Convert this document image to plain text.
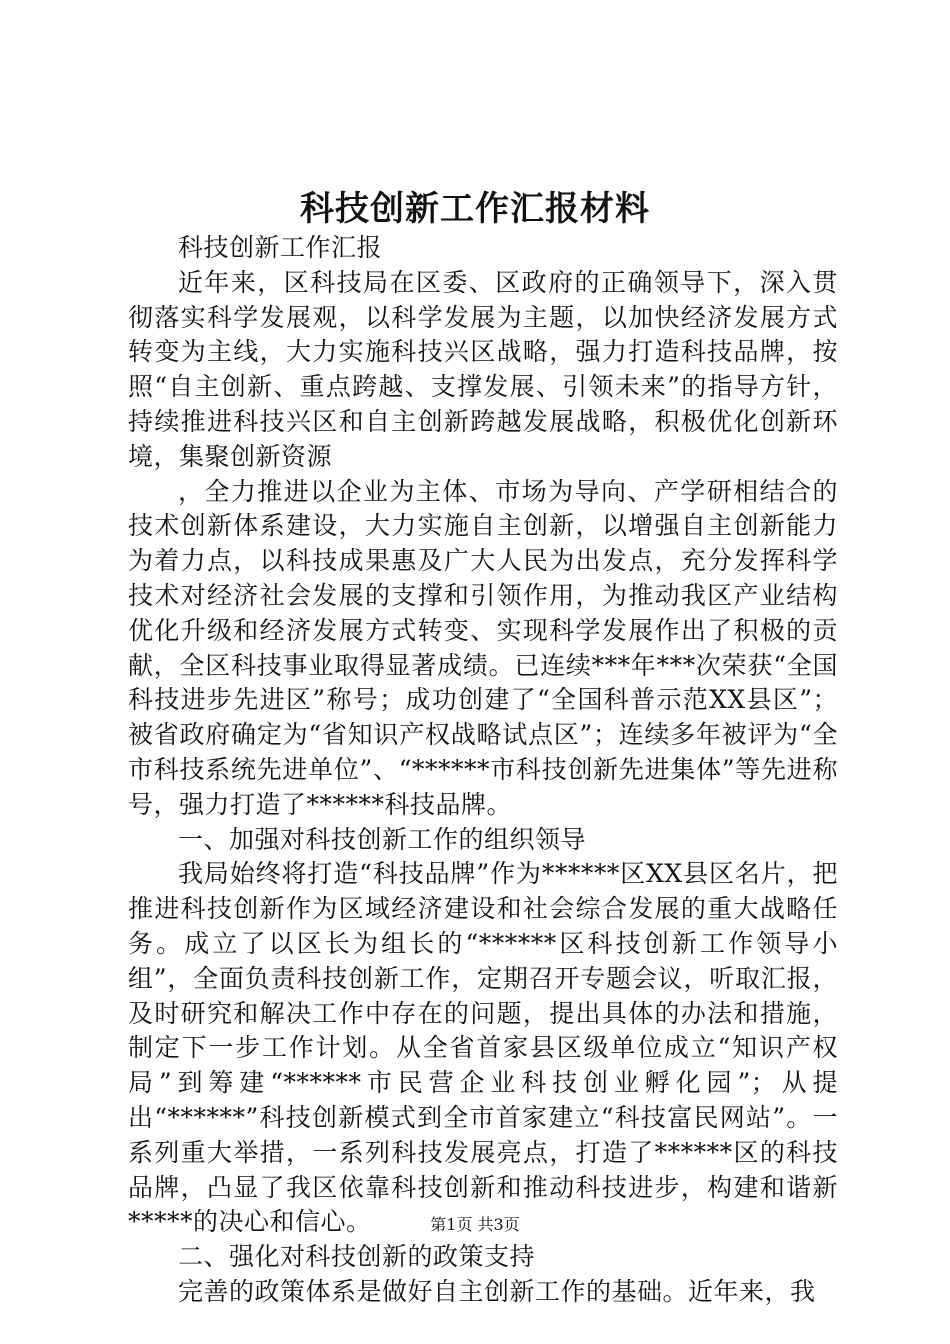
科技创新工作汇报材料

科技创新工作汇报

近年来，区科技局在区委、区政府的正确领导下，深入贯彻落实科学发展观，以科学发展为主题，以加快经济发展方式转变为主线，大力实施科技兴区战略，强力打造科技品牌，按照“自主创新、重点跨越、支撑发展、引领未来”的指导方针，持续推进科技兴区和自主创新跨越发展战略，积极优化创新环境，集聚创新资源

，全力推进以企业为主体、市场为导向、产学研相结合的技术创新体系建设，大力实施自主创新，以增强自主创新能力为着力点，以科技成果惠及广大人民为出发点，充分发挥科学技术对经济社会发展的支撑和引领作用，为推动我区产业结构优化升级和经济发展方式转变、实现科学发展作出了积极的贡献，全区科技事业取得显著成绩。已连续***年***次荣获“全国科技进步先进区”称号；成功创建了“全国科普示范XX县区”；被省政府确定为“省知识产权战略试点区”；连续多年被评为“全市科技系统先进单位”、“******市科技创新先进集体”等先进称号，强力打造了******科技品牌。

一、加强对科技创新工作的组织领导

我局始终将打造“科技品牌”作为******区XX县区名片，把推进科技创新作为区域经济建设和社会综合发展的重大战略任务。成立了以区长为组长的“******区科技创新工作领导小组”，全面负责科技创新工作，定期召开专题会议，听取汇报，及时研究和解决工作中存在的问题，提出具体的办法和措施，制定下一步工作计划。从全省首家县区级单位成立“知识产权局”到筹建“******市民营企业科技创业孵化园”；从提出“******”科技创新模式到全市首家建立“科技富民网站”。一系列重大举措，一系列科技发展亮点，打造了******区的科技品牌，凸显了我区依靠科技创新和推动科技进步，构建和谐新*****的决心和信心。

二、强化对科技创新的政策支持

完善的政策体系是做好自主创新工作的基础。近年来，我

第1页 共3页
